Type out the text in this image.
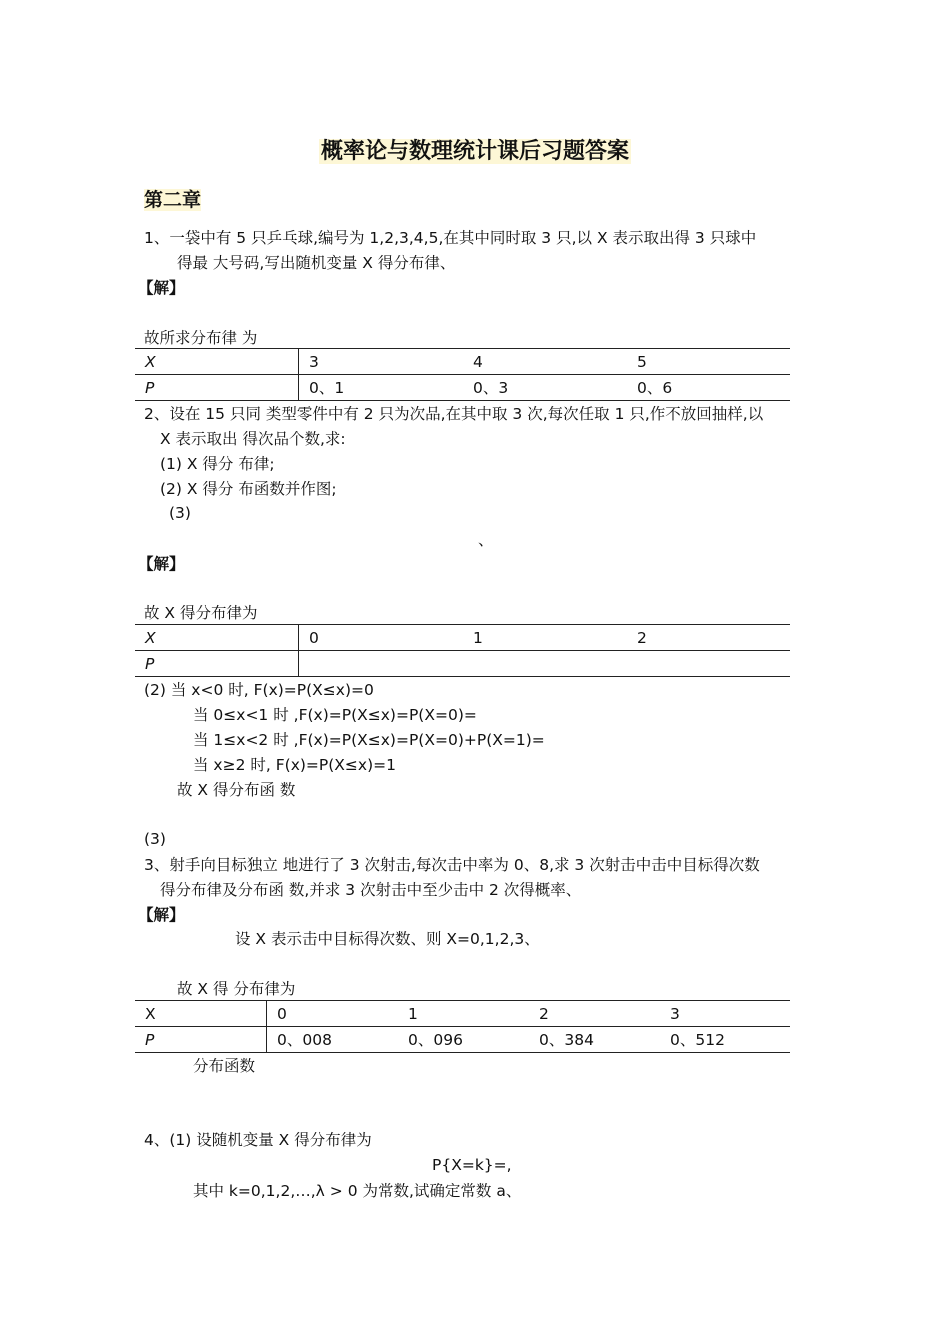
概率论与数理统计课后习题答案
第二章
1、一袋中有 5 只乒乓球,编号为 1,2,3,4,5,在其中同时取 3 只,以 X 表示取出得 3 只球中
得最 大号码,写出随机变量 X 得分布律、
【解】
故所求分布律 为
X	3	4	5
P	0、1	0、3	0、6
2、设在 15 只同 类型零件中有 2 只为次品,在其中取 3 次,每次任取 1 只,作不放回抽样,以
X 表示取出 得次品个数,求:
(1) X 得分 布律;
(2) X 得分 布函数并作图;
(3)
、
【解】
故 X 得分布律为
X	0	1	2
P			
(2) 当 x<0 时, F(x)=P(X≤x)=0
当 0≤x<1 时 ,F(x)=P(X≤x)=P(X=0)=
当 1≤x<2 时 ,F(x)=P(X≤x)=P(X=0)+P(X=1)=
当 x≥2 时, F(x)=P(X≤x)=1
故 X 得分布函 数
(3)
3、射手向目标独立 地进行了 3 次射击,每次击中率为 0、8,求 3 次射击中击中目标得次数
得分布律及分布函 数,并求 3 次射击中至少击中 2 次得概率、
【解】
设 X 表示击中目标得次数、则 X=0,1,2,3、
故 X 得 分布律为
X	0	1	2	3
P	0、008	0、096	0、384	0、512
分布函数
4、(1) 设随机变量 X 得分布律为
P{X=k}=,
其中 k=0,1,2,…,λ > 0 为常数,试确定常数 a、
